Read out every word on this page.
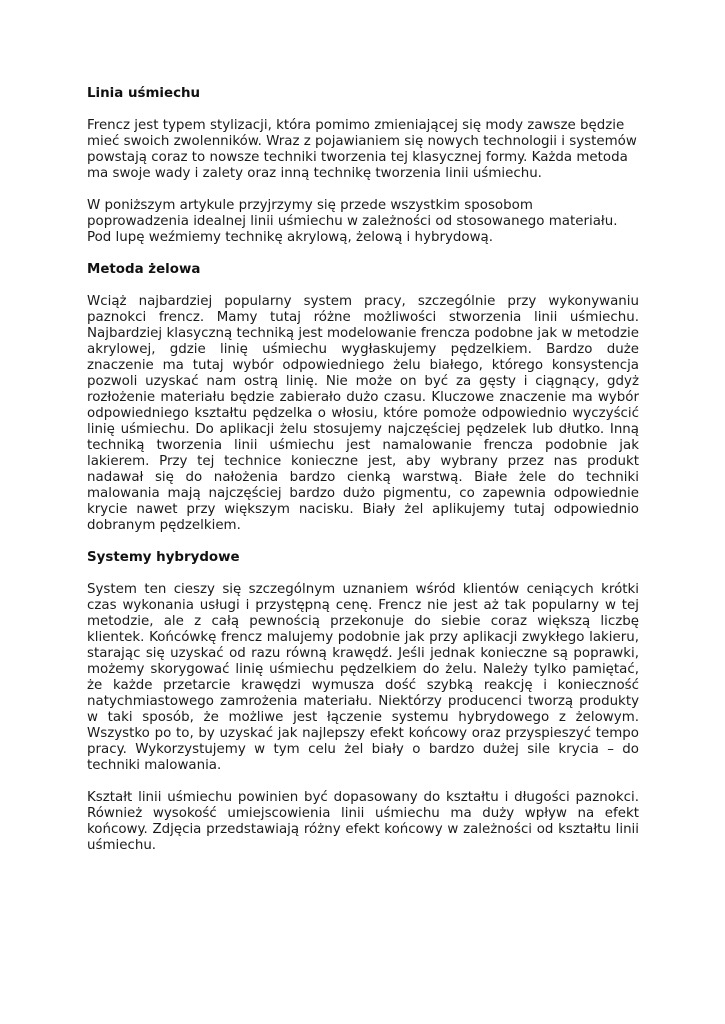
Linia uśmiechu

Frencz jest typem stylizacji, która pomimo zmieniającej się mody zawsze będzie mieć swoich zwolenników. Wraz z pojawianiem się nowych technologii i systemów powstają coraz to nowsze techniki tworzenia tej klasycznej formy. Każda metoda ma swoje wady i zalety oraz inną technikę tworzenia linii uśmiechu.

W poniższym artykule przyjrzymy się przede wszystkim sposobom poprowadzenia idealnej linii uśmiechu w zależności od stosowanego materiału. Pod lupę weźmiemy technikę akrylową, żelową i hybrydową.

Metoda żelowa

Wciąż najbardziej popularny system pracy, szczególnie przy wykonywaniu paznokci frencz. Mamy tutaj różne możliwości stworzenia linii uśmiechu. Najbardziej klasyczną techniką jest modelowanie frencza podobne jak w metodzie akrylowej, gdzie linię uśmiechu wygłaskujemy pędzelkiem. Bardzo duże znaczenie ma tutaj wybór odpowiedniego żelu białego, którego konsystencja pozwoli uzyskać nam ostrą linię. Nie może on być za gęsty i ciągnący, gdyż rozłożenie materiału będzie zabierało dużo czasu. Kluczowe znaczenie ma wybór odpowiedniego kształtu pędzelka o włosiu, które pomoże odpowiednio wyczyścić linię uśmiechu. Do aplikacji żelu stosujemy najczęściej pędzelek lub dłutko. Inną techniką tworzenia linii uśmiechu jest namalowanie frencza podobnie jak lakierem. Przy tej technice konieczne jest, aby wybrany przez nas produkt nadawał się do nałożenia bardzo cienką warstwą. Białe żele do techniki malowania mają najczęściej bardzo dużo pigmentu, co zapewnia odpowiednie krycie nawet przy większym nacisku. Biały żel aplikujemy tutaj odpowiednio dobranym pędzelkiem.

Systemy hybrydowe

System ten cieszy się szczególnym uznaniem wśród klientów ceniących krótki czas wykonania usługi i przystępną cenę. Frencz nie jest aż tak popularny w tej metodzie, ale z całą pewnością przekonuje do siebie coraz większą liczbę klientek. Końcówkę frencz malujemy podobnie jak przy aplikacji zwykłego lakieru, starając się uzyskać od razu równą krawędź. Jeśli jednak konieczne są poprawki, możemy skorygować linię uśmiechu pędzelkiem do żelu. Należy tylko pamiętać, że każde przetarcie krawędzi wymusza dość szybką reakcję i konieczność natychmiastowego zamrożenia materiału. Niektórzy producenci tworzą produkty w taki sposób, że możliwe jest łączenie systemu hybrydowego z żelowym. Wszystko po to, by uzyskać jak najlepszy efekt końcowy oraz przyspieszyć tempo pracy. Wykorzystujemy w tym celu żel biały o bardzo dużej sile krycia – do techniki malowania.

Kształt linii uśmiechu powinien być dopasowany do kształtu i długości paznokci. Również wysokość umiejscowienia linii uśmiechu ma duży wpływ na efekt końcowy. Zdjęcia przedstawiają różny efekt końcowy w zależności od kształtu linii uśmiechu.
